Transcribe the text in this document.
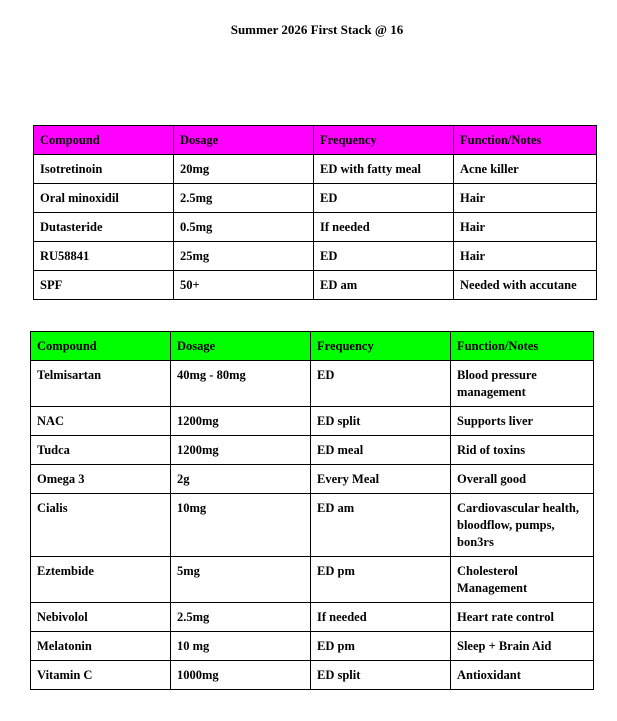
Summer 2026 First Stack @ 16
Compound	Dosage	Frequency	Function/Notes
Isotretinoin	20mg	ED with fatty meal	Acne killer
Oral minoxidil	2.5mg	ED	Hair
Dutasteride	0.5mg	If needed	Hair
RU58841	25mg	ED	Hair
SPF	50+	ED am	Needed with accutane
Compound	Dosage	Frequency	Function/Notes
Telmisartan	40mg - 80mg	ED	Blood pressure management
NAC	1200mg	ED split	Supports liver
Tudca	1200mg	ED meal	Rid of toxins
Omega 3	2g	Every Meal	Overall good
Cialis	10mg	ED am	Cardiovascular health, bloodflow, pumps, bon3rs
Eztembide	5mg	ED pm	Cholesterol Management
Nebivolol	2.5mg	If needed	Heart rate control
Melatonin	10 mg	ED pm	Sleep + Brain Aid
Vitamin C	1000mg	ED split	Antioxidant
